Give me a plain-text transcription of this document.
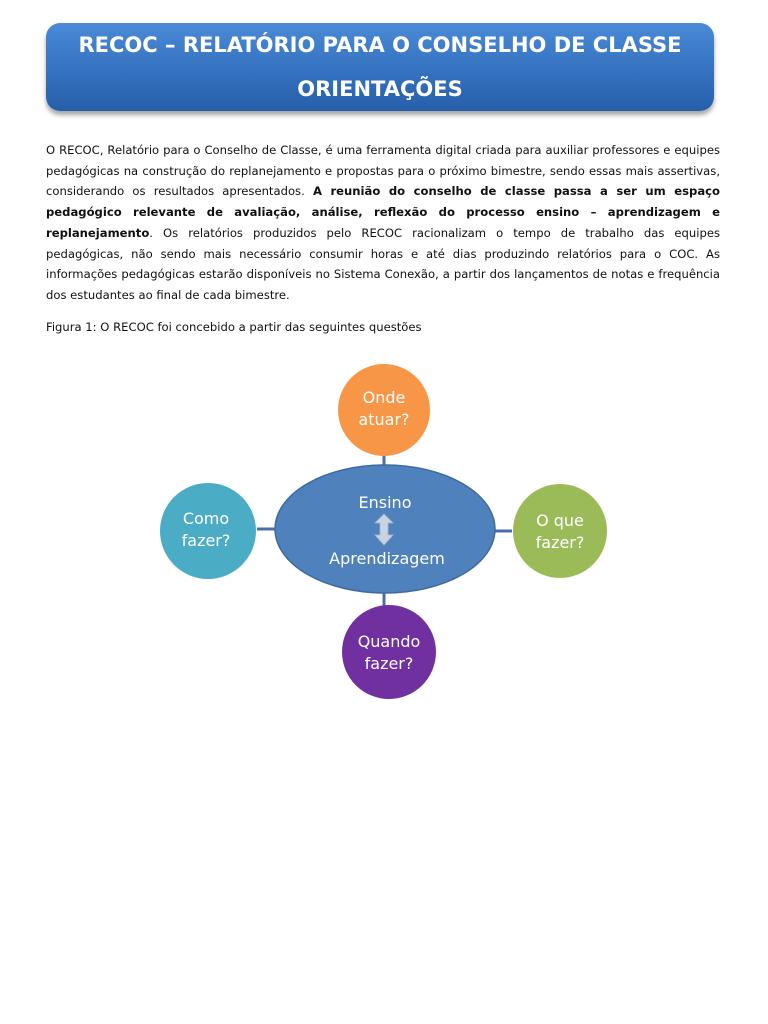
RECOC – RELATÓRIO PARA O CONSELHO DE CLASSE
ORIENTAÇÕES

O RECOC, Relatório para o Conselho de Classe, é uma ferramenta digital criada para auxiliar professores e equipes pedagógicas na construção do replanejamento e propostas para o próximo bimestre, sendo essas mais assertivas, considerando os resultados apresentados. A reunião do conselho de classe passa a ser um espaço pedagógico relevante de avaliação, análise, reflexão do processo ensino – aprendizagem e replanejamento. Os relatórios produzidos pelo RECOC racionalizam o tempo de trabalho das equipes pedagógicas, não sendo mais necessário consumir horas e até dias produzindo relatórios para o COC. As informações pedagógicas estarão disponíveis no Sistema Conexão, a partir dos lançamentos de notas e frequência dos estudantes ao final de cada bimestre.

Figura 1: O RECOC foi concebido a partir das seguintes questões
Ensino
Aprendizagem
Onde
atuar?
Como
fazer?
O que
fazer?
Quando
fazer?
